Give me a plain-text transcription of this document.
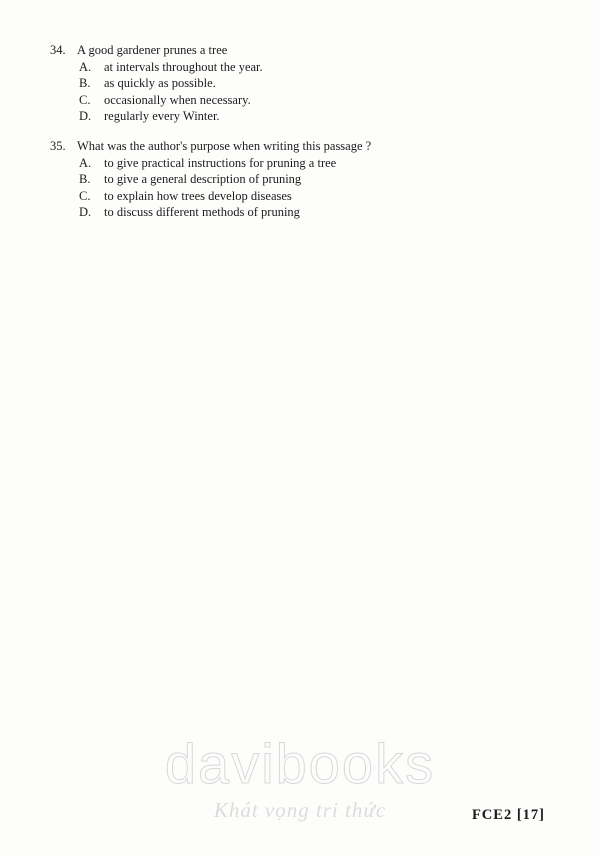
34. A good gardener prunes a tree
A.	at intervals throughout the year.
B.	as quickly as possible.
C.	occasionally when necessary.
D.	regularly every Winter.
35. What was the author's purpose when writing this passage ?
A.	to give practical instructions for pruning a tree
B.	to give a general description of pruning
C.	to explain how trees develop diseases
D.	to discuss different methods of pruning
davibooks
Khát vọng tri thức	FCE2 [17]
